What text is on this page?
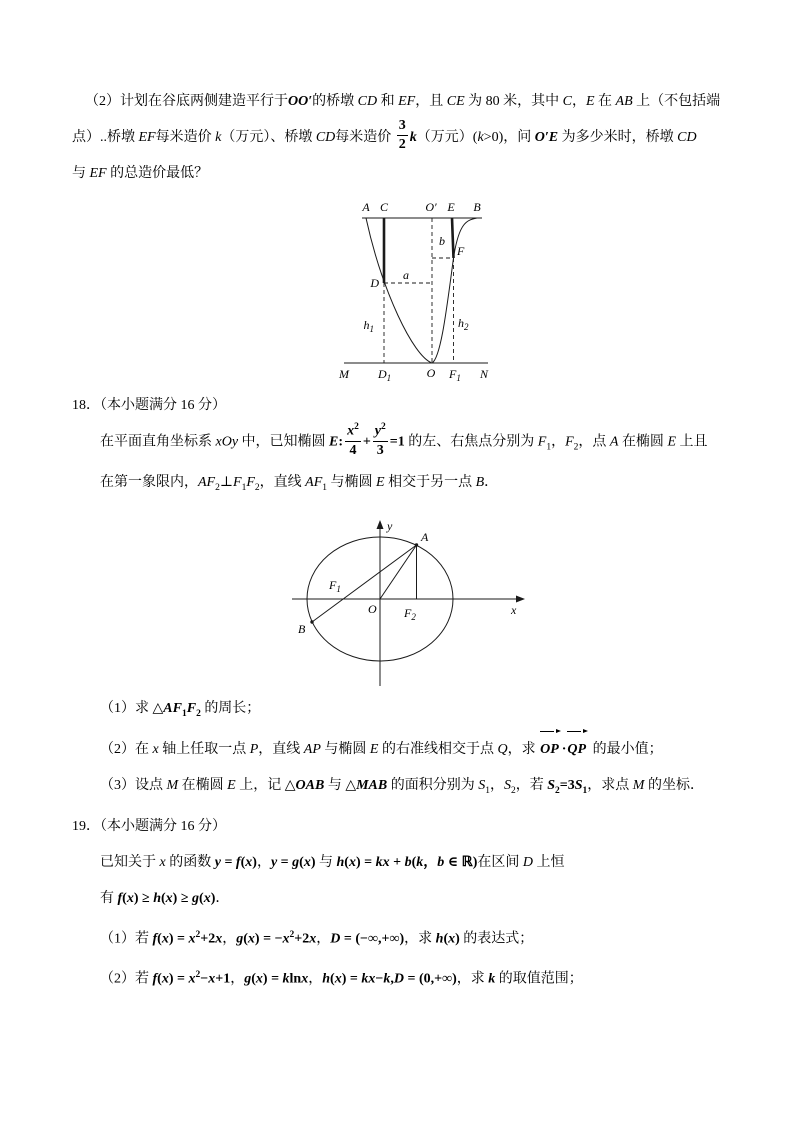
（2）计划在谷底两侧建造平行于OO′的桥墩 CD 和 EF，且 CE 为 80 米，其中 C，E 在 AB 上（不包括端
点）..桥墩 EF每米造价 k（万元）、桥墩 CD每米造价 $\frac{3}{2} k$（万元）(k>0)，问 O′E 为多少米时，桥墩 CD
与 EF 的总造价最低？
A C	O′ E B
D
F
a
b
$h_1$	$h_2$
M $D_1$	O $F_1$ N
18．（本小题满分 16 分）
在平面直角坐标系 xOy 中，已知椭圆 E: $\frac{x^2}{4} + \frac{y^2}{3} =1$ 的左、右焦点分别为 $F_1$，$F_2$，点 A 在椭圆 E 上且
在第一象限内，$AF_2\perp F_1F_2$，直线 $AF_1$ 与椭圆 E 相交于另一点 B．
y
x
O
A
B
$F_1$
$F_2$
（1）求 $\triangle AF_1F_2$ 的周长；
（2）在 x 轴上任取一点 P，直线 AP 与椭圆 E 的右准线相交于点 Q，求 OP ·QP 的最小值；
（3）设点 M 在椭圆 E 上，记 △OAB 与 △MAB 的面积分别为 $S_1$，$S_2$，若 $S_2=3S_1$，求点 M 的坐标．
19．（本小题满分 16 分）
已知关于 x 的函数 y = f(x)，y = g(x) 与 h(x) = kx + b(k，b ∈ ℝ)在区间 D 上恒
有 f(x) ≥ h(x) ≥ g(x)．
（1）若 $f(x) = x^2+2x$，$g(x) = -x^2+2x$，D = (−∞,+∞)，求 h(x) 的表达式；
（2）若 $f(x) = x^2-x+1$，g(x) = klnx，h(x) = kx−k,D = (0,+∞)，求 k 的取值范围；
